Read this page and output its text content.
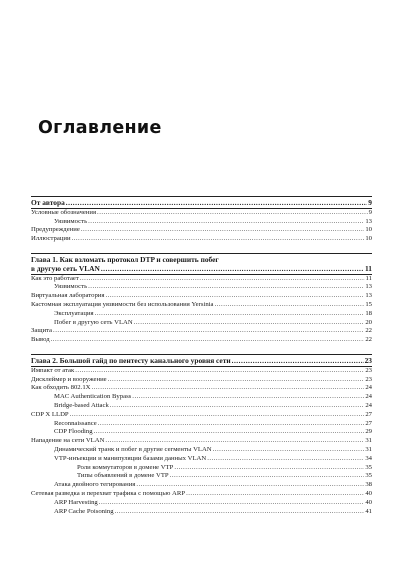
Оглавление
От автора .....	9
Условные обозначения .....	9
Уязвимость .....	13
Предупреждение .....	10
Иллюстрации .....	10
Глава 1. Как взломать протокол DTP и совершить побег
в другую сеть VLAN .....	11
Как это работает .....	11
Уязвимость .....	13
Виртуальная лаборатория .....	13
Кастомная эксплуатация уязвимости без использования Yersinia .....	15
Эксплуатация .....	18
Побег в другую сеть VLAN .....	20
Защита .....	22
Вывод .....	22
Глава 2. Большой гайд по пентесту канального уровня сети .....	23
Импакт от атак .....	23
Дисклеймер и вооружение .....	23
Как обходить 802.1X .....	24
MAC Authentication Bypass .....	24
Bridge-based Attack .....	24
CDP X LLDP .....	27
Reconnaissance .....	27
CDP Flooding .....	29
Нападение на сети VLAN .....	31
Динамический транк и побег в другие сегменты VLAN .....	31
VTP-инъекции и манипуляции базами данных VLAN .....	34
Роли коммутаторов в домене VTP .....	35
Типы объявлений в домене VTP .....	35
Атака двойного тегирования .....	38
Сетевая разведка и перехват трафика с помощью ARP .....	40
ARP Harvesting .....	40
ARP Cache Poisoning .....	41
